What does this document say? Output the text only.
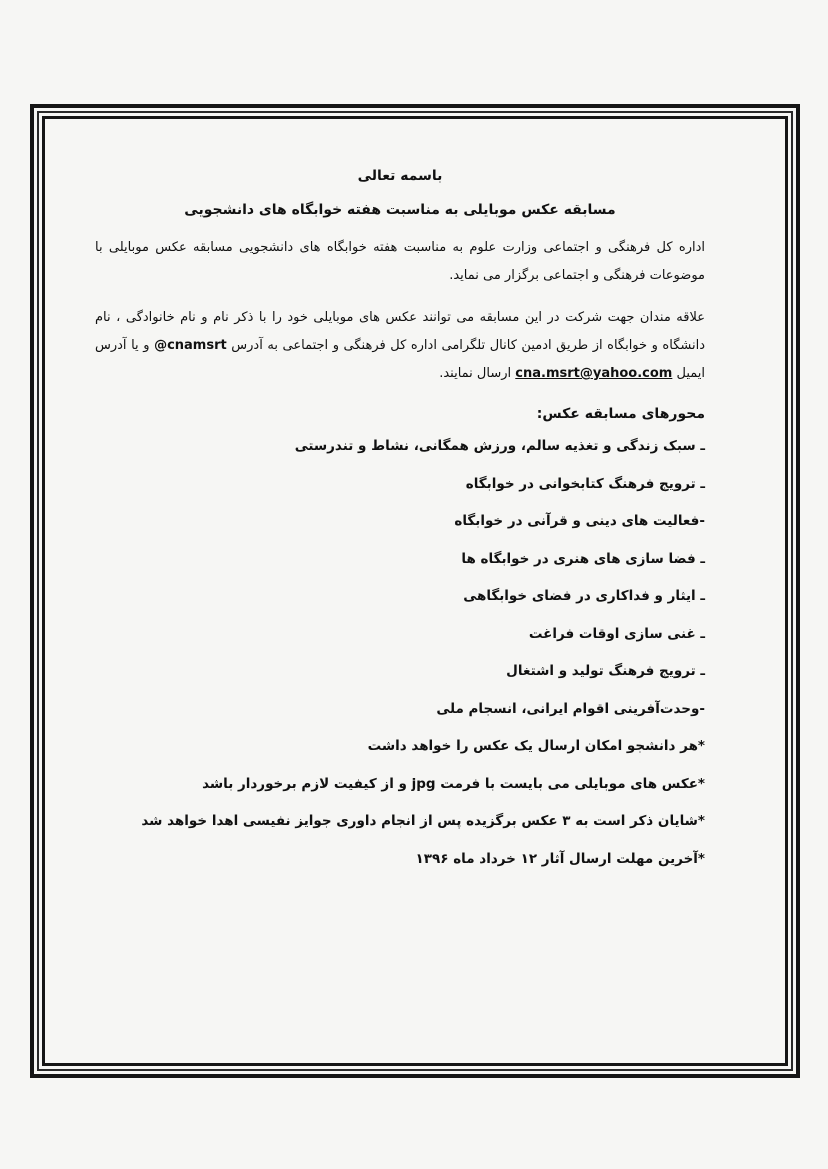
باسمه تعالی
مسابقه عکس موبایلی به مناسبت هفته خوابگاه های دانشجویی
اداره کل فرهنگی و اجتماعی وزارت علوم به مناسبت هفته خوابگاه های دانشجویی مسابقه عکس موبایلی با موضوعات فرهنگی و اجتماعی برگزار می نماید.
علاقه مندان جهت شرکت در این مسابقه می توانند عکس های موبایلی خود را با ذکر نام و نام خانوادگی ، نام دانشگاه و خوابگاه از طریق ادمین کانال تلگرامی اداره کل فرهنگی و اجتماعی به آدرس @cnamsrt و یا آدرس ایمیل cna.msrt@yahoo.com ارسال نمایند.
محورهای مسابقه عکس:
ـ سبک زندگی و تغذیه سالم، ورزش همگانی، نشاط و تندرستی
ـ ترویج فرهنگ کتابخوانی در خوابگاه
-فعالیت های دینی و قرآنی در خوابگاه
ـ فضا سازی های هنری در خوابگاه ها
ـ ایثار و فداکاری در فضای خوابگاهی
ـ غنی سازی اوقات فراغت
ـ ترویج فرهنگ تولید و اشتغال
-وحدت‌آفرینی اقوام ایرانی، انسجام ملی
*هر دانشجو امکان ارسال یک عکس را خواهد داشت
*عکس های موبایلی می بایست با فرمت jpg و از کیفیت لازم برخوردار باشد
*شایان ذکر است به ۳ عکس برگزیده پس از انجام داوری جوایز نفیسی اهدا خواهد شد
*آخرین مهلت ارسال آثار ۱۲ خرداد ماه ۱۳۹۶
